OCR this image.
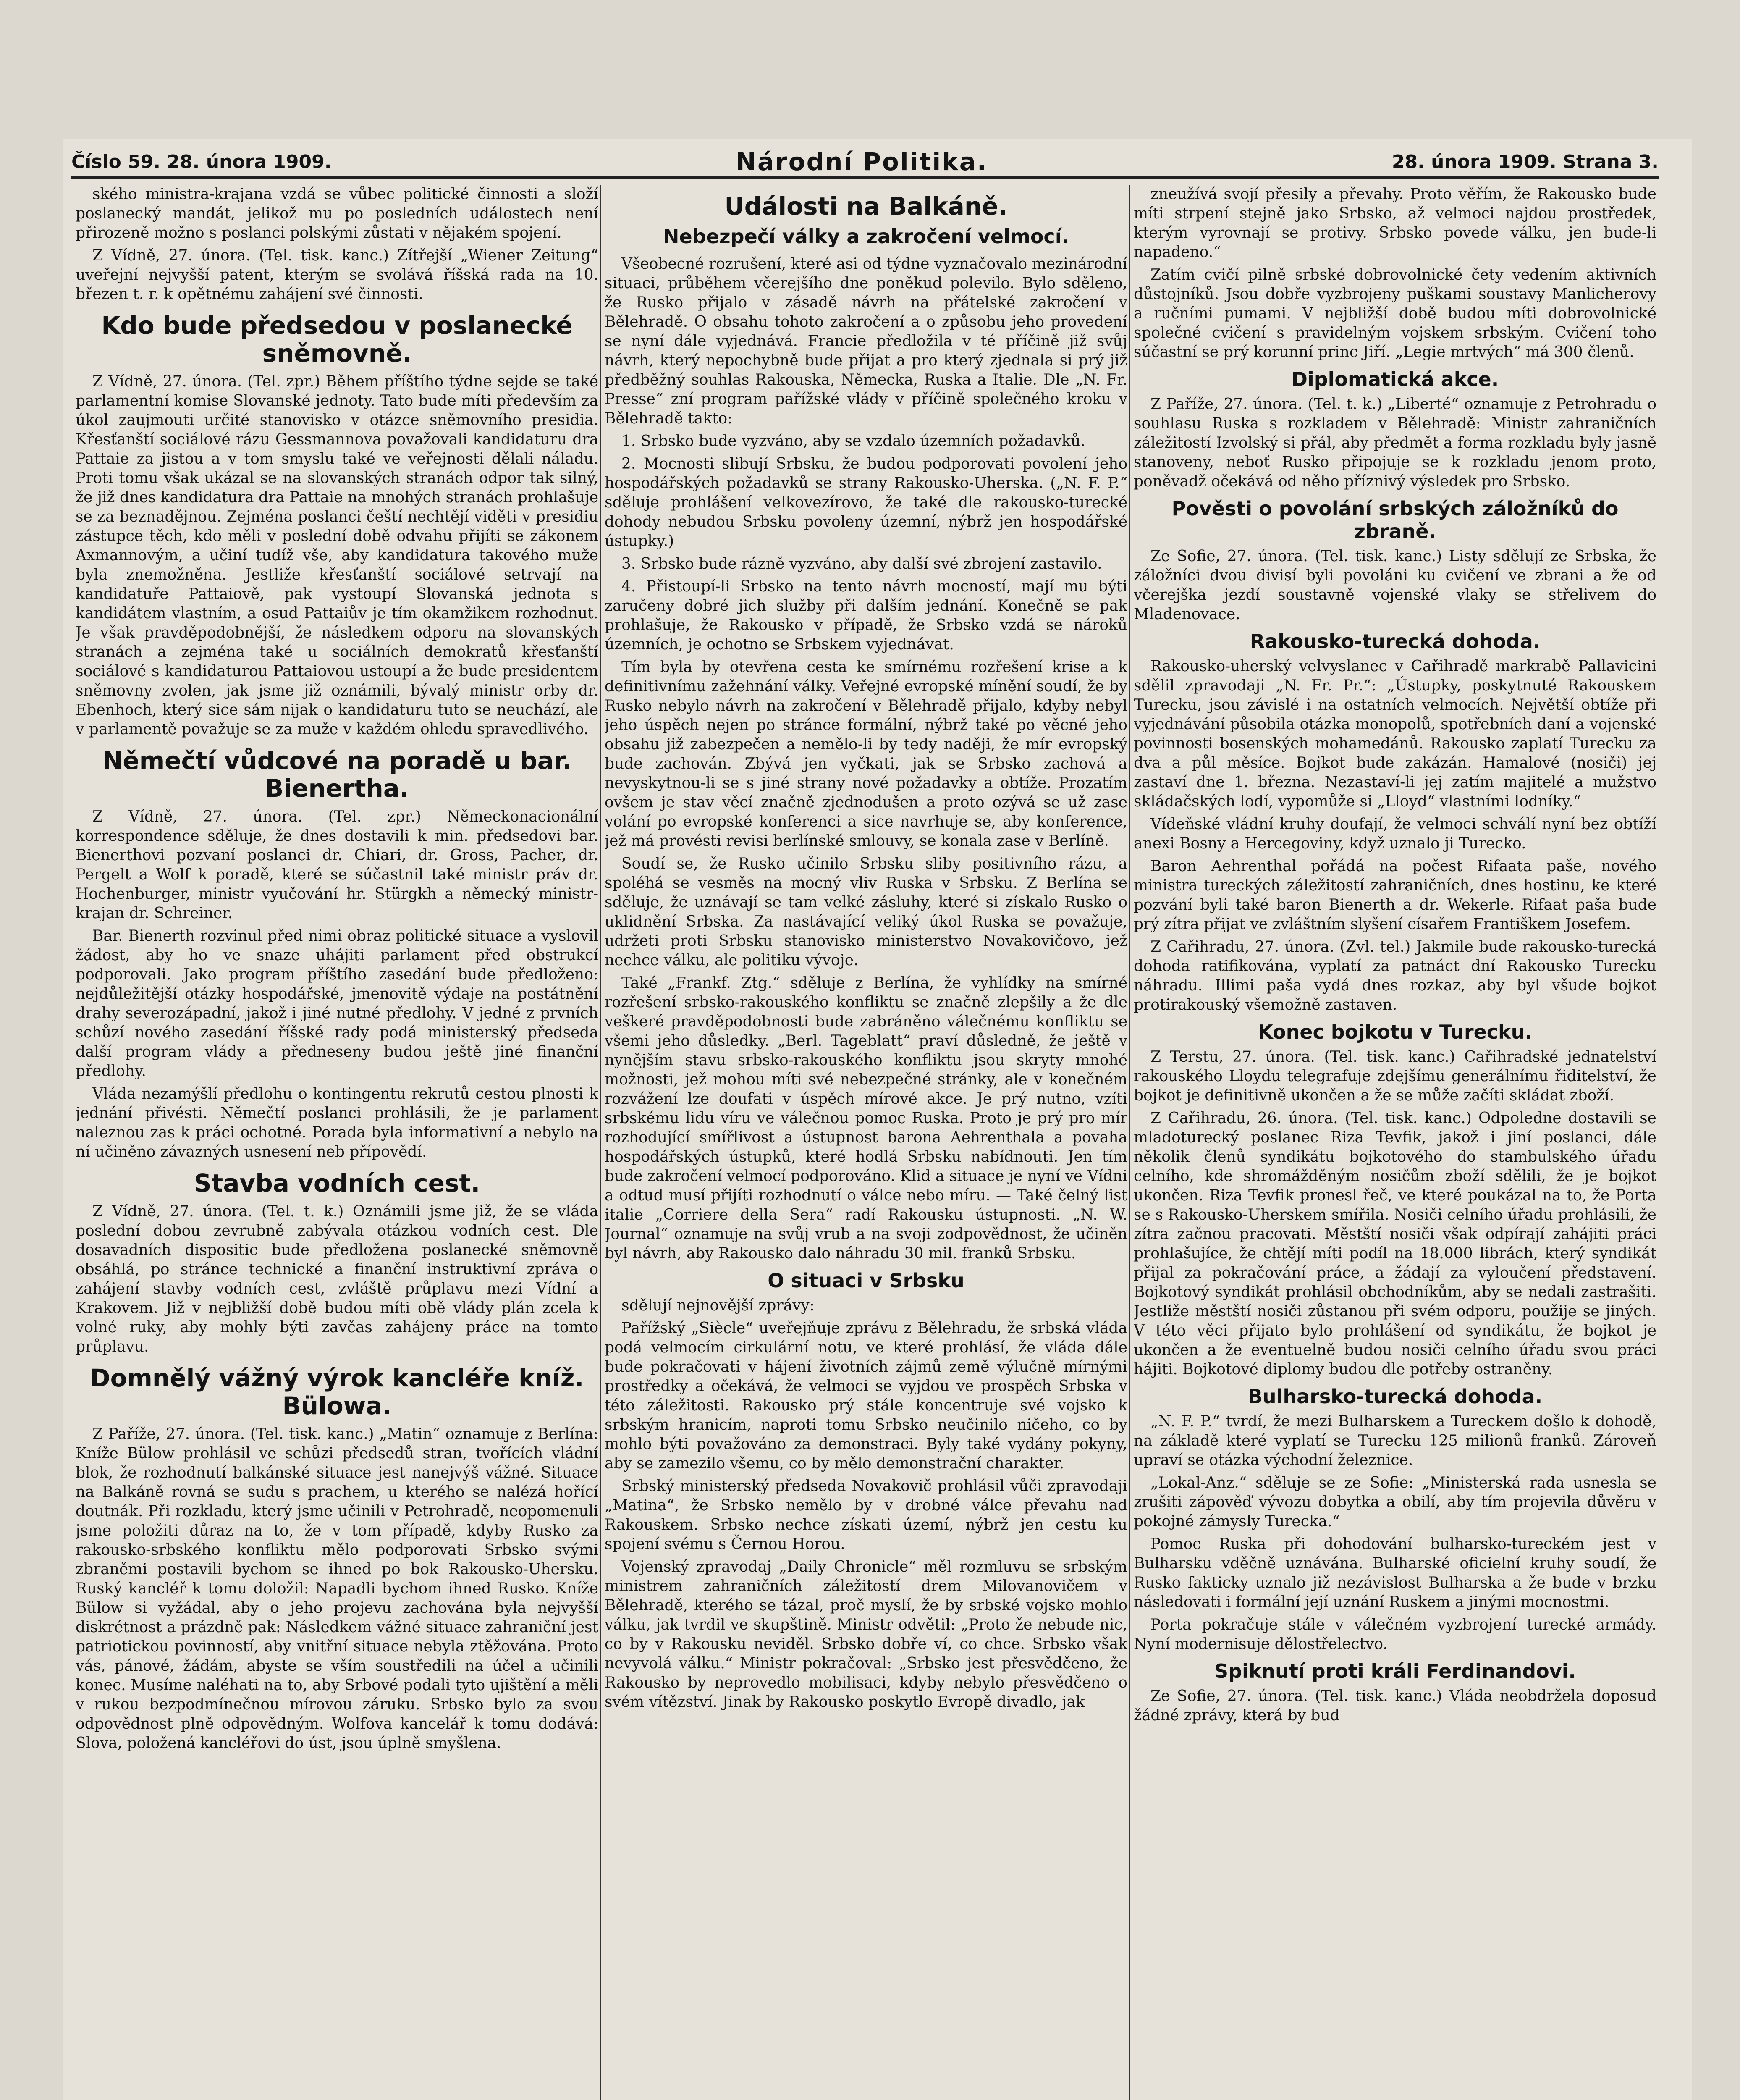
Číslo 59. 28. února 1909.	Národní Politika.	28. února 1909. Strana 3.

ského ministra-krajana vzdá se vůbec politické činnosti a složí poslanecký mandát, jelikož mu po posledních událostech není přirozeně možno s poslanci polskými zůstati v nějakém spojení.

Z Vídně, 27. února. (Tel. tisk. kanc.) Zítřejší „Wiener Zeitung“ uveřejní nejvyšší patent, kterým se svolává říšská rada na 10. březen t. r. k opětnému zahájení své činnosti.

Kdo bude předsedou v poslanecké sněmovně.

Z Vídně, 27. února. (Tel. zpr.) Během příštího týdne sejde se také parlamentní komise Slovanské jednoty. Tato bude míti především za úkol zaujmouti určité stanovisko v otázce sněmovního presidia. Křesťanští sociálové rázu Gessmannova považovali kandidaturu dra Pattaie za jistou a v tom smyslu také ve veřejnosti dělali náladu. Proti tomu však ukázal se na slovanských stranách odpor tak silný, že již dnes kandidatura dra Pattaie na mnohých stranách prohlašuje se za beznadějnou. Zejména poslanci čeští nechtějí viděti v presidiu zástupce těch, kdo měli v poslední době odvahu přijíti se zákonem Axmannovým, a učiní tudíž vše, aby kandidatura takového muže byla znemožněna. Jestliže křesťanští sociálové setrvají na kandidatuře Pattaiově, pak vystoupí Slovanská jednota s kandidátem vlastním, a osud Pattaiův je tím okamžikem rozhodnut. Je však pravděpodobnější, že následkem odporu na slovanských stranách a zejména také u sociálních demokratů křesťanští sociálové s kandidaturou Pattaiovou ustoupí a že bude presidentem sněmovny zvolen, jak jsme již oznámili, bývalý ministr orby dr. Ebenhoch, který sice sám nijak o kandidaturu tuto se neuchází, ale v parlamentě považuje se za muže v každém ohledu spravedlivého.

Němečtí vůdcové na poradě u bar. Bienertha.

Z Vídně, 27. února. (Tel. zpr.) Německonacionální korrespondence sděluje, že dnes dostavili k min. předsedovi bar. Bienerthovi pozvaní poslanci dr. Chiari, dr. Gross, Pacher, dr. Pergelt a Wolf k poradě, které se súčastnil také ministr práv dr. Hochenburger, ministr vyučování hr. Stürgkh a německý ministr-krajan dr. Schreiner.

Bar. Bienerth rozvinul před nimi obraz politické situace a vyslovil žádost, aby ho ve snaze uhájiti parlament před obstrukcí podporovali. Jako program příštího zasedání bude předloženo: nejdůležitější otázky hospodářské, jmenovitě výdaje na postátnění drahy severozápadní, jakož i jiné nutné předlohy. V jedné z prvních schůzí nového zasedání říšské rady podá ministerský předseda další program vlády a předneseny budou ještě jiné finanční předlohy.

Vláda nezamýšlí předlohu o kontingentu rekrutů cestou plnosti k jednání přivésti. Němečtí poslanci prohlásili, že je parlament naleznou zas k práci ochotné. Porada byla informativní a nebylo na ní učiněno závazných usnesení neb přípovědí.

Stavba vodních cest.

Z Vídně, 27. února. (Tel. t. k.) Oznámili jsme již, že se vláda poslední dobou zevrubně zabývala otázkou vodních cest. Dle dosavadních dispositic bude předložena poslanecké sněmovně obsáhlá, po stránce technické a finanční instruktivní zpráva o zahájení stavby vodních cest, zvláště průplavu mezi Vídní a Krakovem. Již v nejbližší době budou míti obě vlády plán zcela k volné ruky, aby mohly býti zavčas zahájeny práce na tomto průplavu.

Domnělý vážný výrok kancléře kníž. Bülowa.

Z Paříže, 27. února. (Tel. tisk. kanc.) „Matin“ oznamuje z Berlína: Kníže Bülow prohlásil ve schůzi předsedů stran, tvořících vládní blok, že rozhodnutí balkánské situace jest nanejvýš vážné. Situace na Balkáně rovná se sudu s prachem, u kterého se nalézá hořící doutnák. Při rozkladu, který jsme učinili v Petrohradě, neopomenuli jsme položiti důraz na to, že v tom případě, kdyby Rusko za rakousko-srbského konfliktu mělo podporovati Srbsko svými zbraněmi postavili bychom se ihned po bok Rakousko-Uhersku. Ruský kancléř k tomu doložil: Napadli bychom ihned Rusko. Kníže Bülow si vyžádal, aby o jeho projevu zachována byla nejvyšší diskrétnost a prázdně pak: Následkem vážné situace zahraniční jest patriotickou povinností, aby vnitřní situace nebyla ztěžována. Proto vás, pánové, žádám, abyste se vším soustředili na účel a učinili konec. Musíme naléhati na to, aby Srbové podali tyto ujištění a měli v rukou bezpodmínečnou mírovou záruku. Srbsko bylo za svou odpovědnost plně odpovědným. Wolfova kancelář k tomu dodává: Slova, položená kancléřovi do úst, jsou úplně smyšlena.

Události na Balkáně.
Nebezpečí války a zakročení velmocí.

Všeobecné rozrušení, které asi od týdne vyznačovalo mezinárodní situaci, průběhem včerejšího dne poněkud polevilo. Bylo sděleno, že Rusko přijalo v zásadě návrh na přátelské zakročení v Bělehradě. O obsahu tohoto zakročení a o způsobu jeho provedení se nyní dále vyjednává. Francie předložila v té příčině již svůj návrh, který nepochybně bude přijat a pro který zjednala si prý již předběžný souhlas Rakouska, Německa, Ruska a Italie. Dle „N. Fr. Presse“ zní program pařížské vlády v příčině společného kroku v Bělehradě takto:

1. Srbsko bude vyzváno, aby se vzdalo územních požadavků.

2. Mocnosti slibují Srbsku, že budou podporovati povolení jeho hospodářských požadavků se strany Rakousko-Uherska. („N. F. P.“ sděluje prohlášení velkovezírovo, že také dle rakousko-turecké dohody nebudou Srbsku povoleny územní, nýbrž jen hospodářské ústupky.)

3. Srbsko bude rázně vyzváno, aby další své zbrojení zastavilo.

4. Přistoupí-li Srbsko na tento návrh mocností, mají mu býti zaručeny dobré jich služby při dalším jednání. Konečně se pak prohlašuje, že Rakousko v případě, že Srbsko vzdá se nároků územních, je ochotno se Srbskem vyjednávat.

Tím byla by otevřena cesta ke smírnému rozřešení krise a k definitivnímu zažehnání války. Veřejné evropské mínění soudí, že by Rusko nebylo návrh na zakročení v Bělehradě přijalo, kdyby nebyl jeho úspěch nejen po stránce formální, nýbrž také po věcné jeho obsahu již zabezpečen a nemělo-li by tedy naději, že mír evropský bude zachován. Zbývá jen vyčkati, jak se Srbsko zachová a nevyskytnou-li se s jiné strany nové požadavky a obtíže. Prozatím ovšem je stav věcí značně zjednodušen a proto ozývá se už zase volání po evropské konferenci a sice navrhuje se, aby konference, jež má provésti revisi berlínské smlouvy, se konala zase v Berlíně.

Soudí se, že Rusko učinilo Srbsku sliby positivního rázu, a spoléhá se vesměs na mocný vliv Ruska v Srbsku. Z Berlína se sděluje, že uznávají se tam velké zásluhy, které si získalo Rusko o uklidnění Srbska. Za nastávající veliký úkol Ruska se považuje, udržeti proti Srbsku stanovisko ministerstvo Novakovičovo, jež nechce válku, ale politiku vývoje.

Také „Frankf. Ztg.“ sděluje z Berlína, že vyhlídky na smírné rozřešení srbsko-rakouského konfliktu se značně zlepšily a že dle veškeré pravděpodobnosti bude zabráněno válečnému konfliktu se všemi jeho důsledky. „Berl. Tageblatt“ praví důsledně, že ještě v nynějším stavu srbsko-rakouského konfliktu jsou skryty mnohé možnosti, jež mohou míti své nebezpečné stránky, ale v konečném rozvážení lze doufati v úspěch mírové akce. Je prý nutno, vzíti srbskému lidu víru ve válečnou pomoc Ruska. Proto je prý pro mír rozhodující smířlivost a ústupnost barona Aehrenthala a povaha hospodářských ústupků, které hodlá Srbsku nabídnouti. Jen tím bude zakročení velmocí podporováno. Klid a situace je nyní ve Vídni a odtud musí přijíti rozhodnutí o válce nebo míru. — Také čelný list italie „Corriere della Sera“ radí Rakousku ústupnosti. „N. W. Journal“ oznamuje na svůj vrub a na svoji zodpovědnost, že učiněn byl návrh, aby Rakousko dalo náhradu 30 mil. franků Srbsku.

O situaci v Srbsku

sdělují nejnovější zprávy:

Pařížský „Siècle“ uveřejňuje zprávu z Bělehradu, že srbská vláda podá velmocím cirkulární notu, ve které prohlásí, že vláda dále bude pokračovati v hájení životních zájmů země výlučně mírnými prostředky a očekává, že velmoci se vyjdou ve prospěch Srbska v této záležitosti. Rakousko prý stále koncentruje své vojsko k srbským hranicím, naproti tomu Srbsko neučinilo ničeho, co by mohlo býti považováno za demonstraci. Byly také vydány pokyny, aby se zamezilo všemu, co by mělo demonstrační charakter.

Srbský ministerský předseda Novakovič prohlásil vůči zpravodaji „Matina“, že Srbsko nemělo by v drobné válce převahu nad Rakouskem. Srbsko nechce získati území, nýbrž jen cestu ku spojení svému s Černou Horou.

Vojenský zpravodaj „Daily Chronicle“ měl rozmluvu se srbským ministrem zahraničních záležitostí drem Milovanovičem v Bělehradě, kterého se tázal, proč myslí, že by srbské vojsko mohlo válku, jak tvrdil ve skupštině. Ministr odvětil: „Proto že nebude nic, co by v Rakousku neviděl. Srbsko dobře ví, co chce. Srbsko však nevyvolá válku.“ Ministr pokračoval: „Srbsko jest přesvědčeno, že Rakousko by neprovedlo mobilisaci, kdyby nebylo přesvědčeno o svém vítězství. Jinak by Rakousko poskytlo Evropě divadlo, jak

zneužívá svojí přesily a převahy. Proto věřím, že Rakousko bude míti strpení stejně jako Srbsko, až velmoci najdou prostředek, kterým vyrovnají se protivy. Srbsko povede válku, jen bude-li napadeno.“

Zatím cvičí pilně srbské dobrovolnické čety vedením aktivních důstojníků. Jsou dobře vyzbrojeny puškami soustavy Manlicherovy a ručními pumami. V nejbližší době budou míti dobrovolnické společné cvičení s pravidelným vojskem srbským. Cvičení toho súčastní se prý korunní princ Jiří. „Legie mrtvých“ má 300 členů.

Diplomatická akce.

Z Paříže, 27. února. (Tel. t. k.) „Liberté“ oznamuje z Petrohradu o souhlasu Ruska s rozkladem v Bělehradě: Ministr zahraničních záležitostí Izvolský si přál, aby předmět a forma rozkladu byly jasně stanoveny, neboť Rusko připojuje se k rozkladu jenom proto, poněvadž očekává od něho příznivý výsledek pro Srbsko.

Pověsti o povolání srbských záložníků do zbraně.

Ze Sofie, 27. února. (Tel. tisk. kanc.) Listy sdělují ze Srbska, že záložníci dvou divisí byli povoláni ku cvičení ve zbrani a že od včerejška jezdí soustavně vojenské vlaky se střelivem do Mladenovace.

Rakousko-turecká dohoda.

Rakousko-uherský velvyslanec v Cařihradě markrabě Pallavicini sdělil zpravodaji „N. Fr. Pr.“: „Ústupky, poskytnuté Rakouskem Turecku, jsou závislé i na ostatních velmocích. Největší obtíže při vyjednávání působila otázka monopolů, spotřebních daní a vojenské povinnosti bosenských mohamedánů. Rakousko zaplatí Turecku za dva a půl měsíce. Bojkot bude zakázán. Hamalové (nosiči) jej zastaví dne 1. března. Nezastaví-li jej zatím majitelé a mužstvo skládačských lodí, vypomůže si „Lloyd“ vlastními lodníky.“

Vídeňské vládní kruhy doufají, že velmoci schválí nyní bez obtíží anexi Bosny a Hercegoviny, když uznalo ji Turecko.

Baron Aehrenthal pořádá na počest Rifaata paše, nového ministra tureckých záležitostí zahraničních, dnes hostinu, ke které pozvání byli také baron Bienerth a dr. Wekerle. Rifaat paša bude prý zítra přijat ve zvláštním slyšení císařem Františkem Josefem.

Z Cařihradu, 27. února. (Zvl. tel.) Jakmile bude rakousko-turecká dohoda ratifikována, vyplatí za patnáct dní Rakousko Turecku náhradu. Illimi paša vydá dnes rozkaz, aby byl všude bojkot protirakouský všemožně zastaven.

Konec bojkotu v Turecku.

Z Terstu, 27. února. (Tel. tisk. kanc.) Cařihradské jednatelství rakouského Lloydu telegrafuje zdejšímu generálnímu řiditelství, že bojkot je definitivně ukončen a že se může začíti skládat zboží.

Z Cařihradu, 26. února. (Tel. tisk. kanc.) Odpoledne dostavili se mladoturecký poslanec Riza Tevfik, jakož i jiní poslanci, dále několik členů syndikátu bojkotového do stambulského úřadu celního, kde shromážděným nosičům zboží sdělili, že je bojkot ukončen. Riza Tevfik pronesl řeč, ve které poukázal na to, že Porta se s Rakousko-Uherskem smířila. Nosiči celního úřadu prohlásili, že zítra začnou pracovati. Městští nosiči však odpírají zahájiti práci prohlašujíce, že chtějí míti podíl na 18.000 librách, který syndikát přijal za pokračování práce, a žádají za vyloučení představení. Bojkotový syndikát prohlásil obchodníkům, aby se nedali zastrašiti. Jestliže městští nosiči zůstanou při svém odporu, použije se jiných. V této věci přijato bylo prohlášení od syndikátu, že bojkot je ukončen a že eventuelně budou nosiči celního úřadu svou práci hájiti. Bojkotové diplomy budou dle potřeby ostraněny.

Bulharsko-turecká dohoda.

„N. F. P.“ tvrdí, že mezi Bulharskem a Tureckem došlo k dohodě, na základě které vyplatí se Turecku 125 milionů franků. Zároveň upraví se otázka východní železnice.

„Lokal-Anz.“ sděluje se ze Sofie: „Ministerská rada usnesla se zrušiti zápověď vývozu dobytka a obilí, aby tím projevila důvěru v pokojné zámysly Turecka.“

Pomoc Ruska při dohodování bulharsko-tureckém jest v Bulharsku vděčně uznávána. Bulharské oficielní kruhy soudí, že Rusko fakticky uznalo již nezávislost Bulharska a že bude v brzku následovati i formální její uznání Ruskem a jinými mocnostmi.

Porta pokračuje stále v válečném vyzbrojení turecké armády. Nyní modernisuje dělostřelectvo.

Spiknutí proti králi Ferdinandovi.

Ze Sofie, 27. února. (Tel. tisk. kanc.) Vláda neobdržela doposud žádné zprávy, která by bud
